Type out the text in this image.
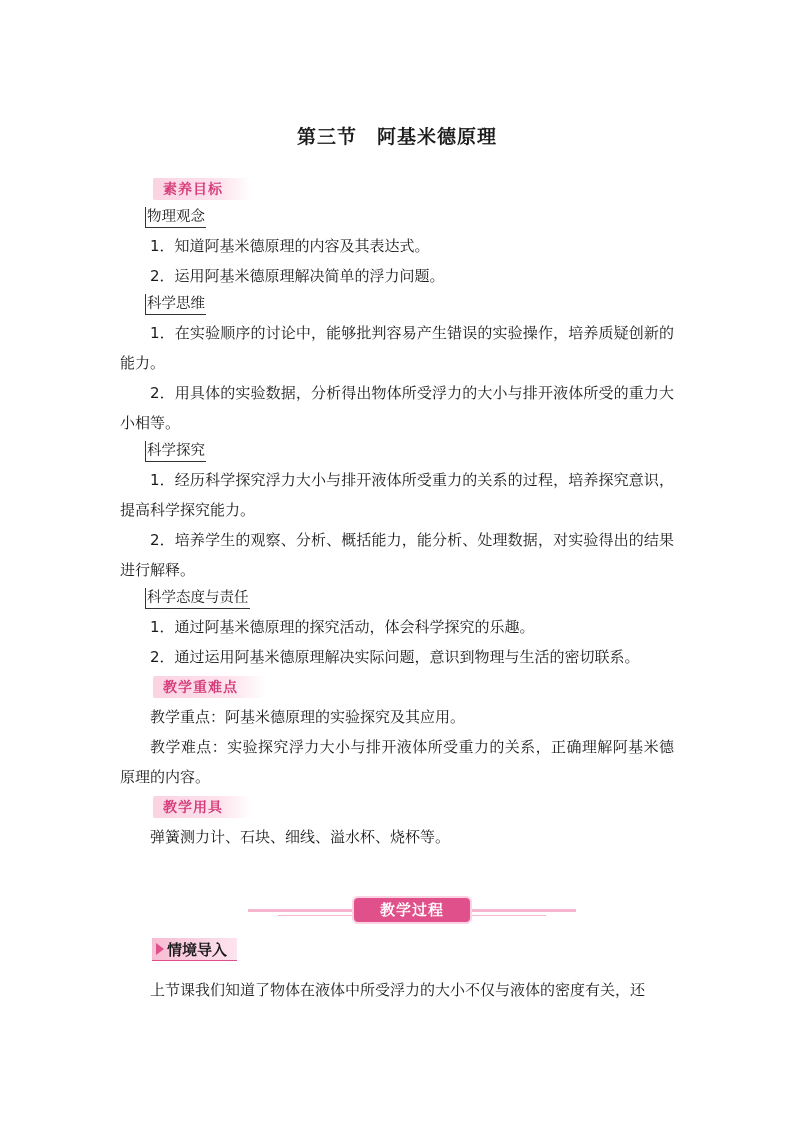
第三节　阿基米德原理
素养目标
物理观念

1．知道阿基米德原理的内容及其表达式。

2．运用阿基米德原理解决简单的浮力问题。

科学思维

1．在实验顺序的讨论中，能够批判容易产生错误的实验操作，培养质疑创新的能力。

2．用具体的实验数据，分析得出物体所受浮力的大小与排开液体所受的重力大小相等。

科学探究

1．经历科学探究浮力大小与排开液体所受重力的关系的过程，培养探究意识，提高科学探究能力。

2．培养学生的观察、分析、概括能力，能分析、处理数据，对实验得出的结果进行解释。

科学态度与责任

1．通过阿基米德原理的探究活动，体会科学探究的乐趣。

2．通过运用阿基米德原理解决实际问题，意识到物理与生活的密切联系。

教学重难点

教学重点：阿基米德原理的实验探究及其应用。

教学难点：实验探究浮力大小与排开液体所受重力的关系，正确理解阿基米德原理的内容。

教学用具

弹簧测力计、石块、细线、溢水杯、烧杯等。

教学过程
情境导入

上节课我们知道了物体在液体中所受浮力的大小不仅与液体的密度有关，还
